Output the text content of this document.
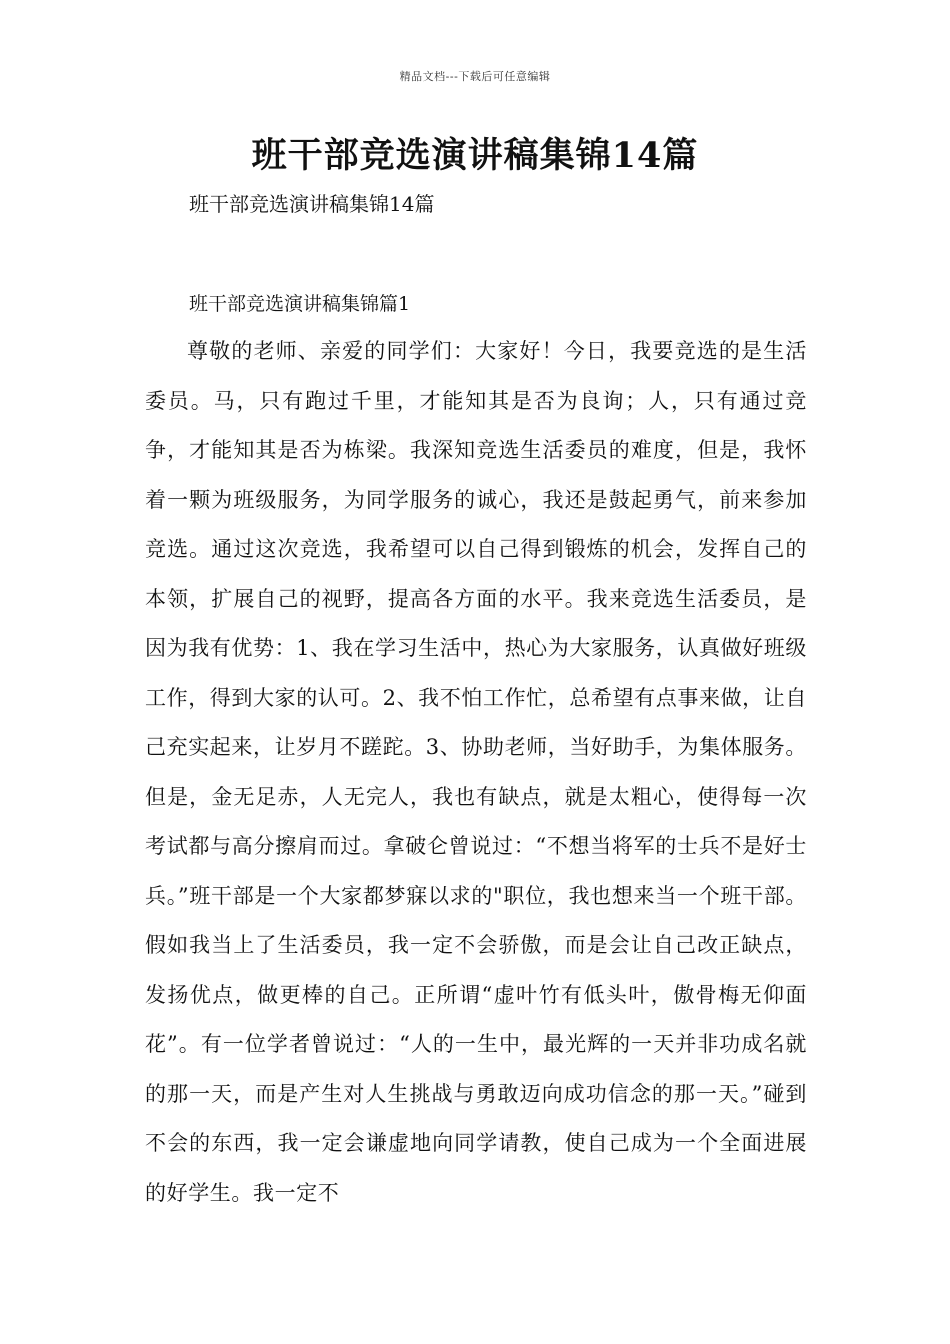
精品文档---下载后可任意编辑
班干部竞选演讲稿集锦14篇
班干部竞选演讲稿集锦14篇
班干部竞选演讲稿集锦篇1

尊敬的老师、亲爱的同学们：大家好！今日，我要竞选的是生活委员。马，只有跑过千里，才能知其是否为良询；人，只有通过竞争，才能知其是否为栋梁。我深知竞选生活委员的难度，但是，我怀着一颗为班级服务，为同学服务的诚心，我还是鼓起勇气，前来参加竞选。通过这次竞选，我希望可以自己得到锻炼的机会，发挥自己的本领，扩展自己的视野，提高各方面的水平。我来竞选生活委员，是因为我有优势：1、我在学习生活中，热心为大家服务，认真做好班级工作，得到大家的认可。2、我不怕工作忙，总希望有点事来做，让自己充实起来，让岁月不蹉跎。3、协助老师，当好助手，为集体服务。但是，金无足赤，人无完人，我也有缺点，就是太粗心，使得每一次考试都与高分擦肩而过。拿破仑曾说过：“不想当将军的士兵不是好士兵。”班干部是一个大家都梦寐以求的"职位，我也想来当一个班干部。假如我当上了生活委员，我一定不会骄傲，而是会让自己改正缺点，发扬优点，做更棒的自己。正所谓“虚叶竹有低头叶，傲骨梅无仰面花”。有一位学者曾说过：“人的一生中，最光辉的一天并非功成名就的那一天，而是产生对人生挑战与勇敢迈向成功信念的那一天。”碰到不会的东西，我一定会谦虚地向同学请教，使自己成为一个全面进展的好学生。我一定不
